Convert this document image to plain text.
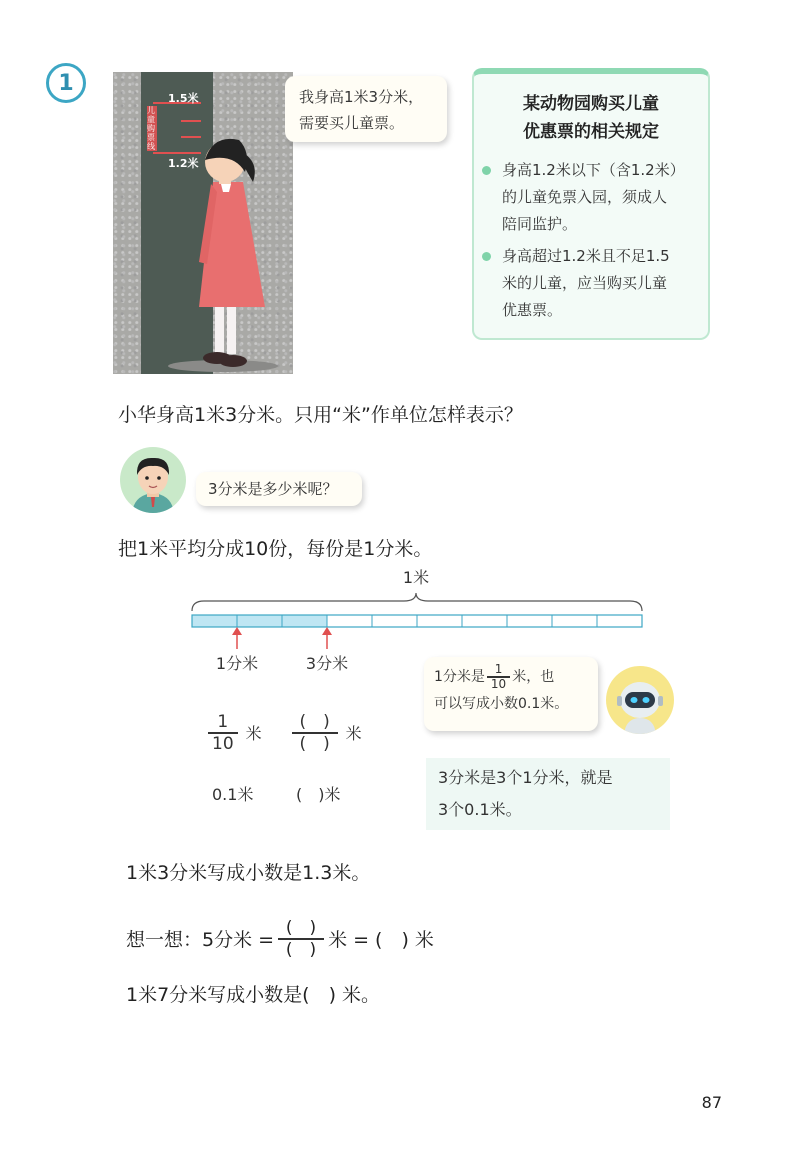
1
1.5米
1.2米
儿童购票线
我身高1米3分米，
需要买儿童票。
某动物园购买儿童
优惠票的相关规定
身高1.2米以下（含1.2米）
的儿童免票入园，须成人
陪同监护。
身高超过1.2米且不足1.5
米的儿童，应当购买儿童
优惠票。
小华身高1米3分米。只用“米”作单位怎样表示？
3分米是多少米呢？
把1米平均分成10份，每份是1分米。
1米
1分米	3分米
$\frac{1}{10}$ 米 $\frac{( )}{( )}$ 米
0.1米	(　)米
1分米是 $\frac{1}{10}$ 米，也
可以写成小数0.1米。
3分米是3个1分米，就是
3个0.1米。
1米3分米写成小数是1.3米。
想一想：5分米 = $\frac{( )}{( )}$ 米 = (　) 米
1米7分米写成小数是(　) 米。
87
